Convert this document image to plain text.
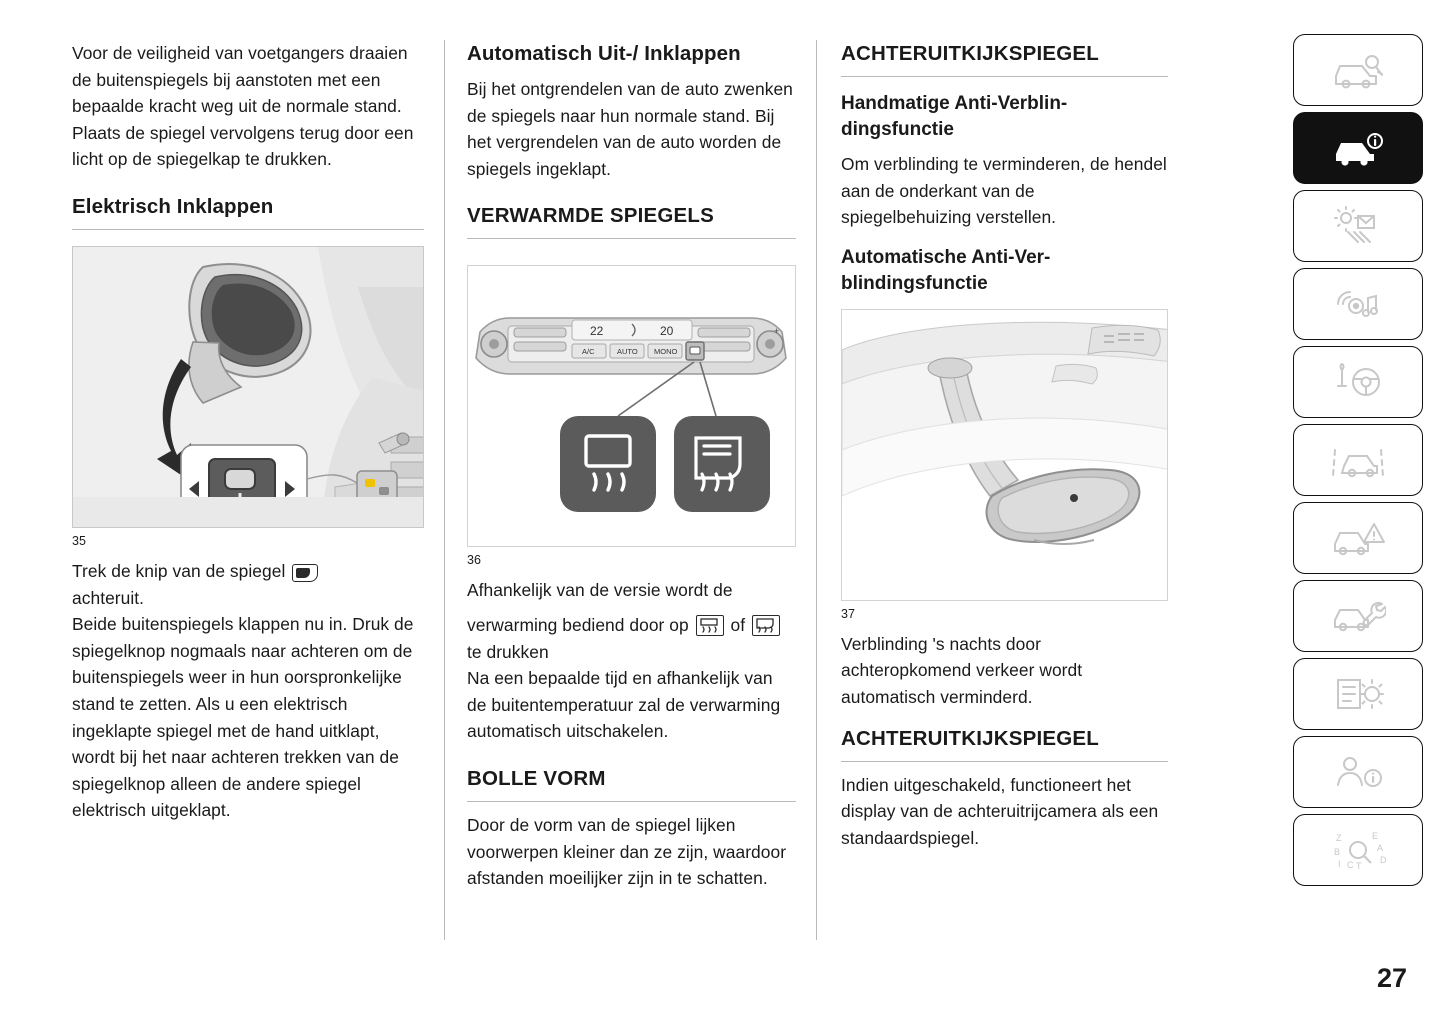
Voor de veiligheid van voetgangers draaien de buitenspiegels bij aanstoten met een bepaalde kracht weg uit de normale stand. Plaats de spiegel vervolgens terug door een licht op de spiegelkap te drukken.

Elektrisch Inklappen
35

Trek de knip van de spiegel
achteruit.

Beide buitenspiegels klappen nu in. Druk de spiegelknop nogmaals naar achteren om de buitenspiegels weer in hun oorspronkelijke stand te zetten. Als u een elektrisch ingeklapte spiegel met de hand uitklapt, wordt bij het naar achteren trekken van de spiegelknop alleen de andere spiegel elektrisch uitgeklapt.

Automatisch Uit-/ Inklappen

Bij het ontgrendelen van de auto zwenken de spiegels naar hun normale stand. Bij het vergrendelen van de auto worden de spiegels ingeklapt.

VERWARMDE SPIEGELS
22	20
A/C	AUTO MONO
+
36

Afhankelijk van de versie wordt de

verwarming bediend door op of

te drukken

Na een bepaalde tijd en afhankelijk van de buitentemperatuur zal de verwarming automatisch uitschakelen.

BOLLE VORM

Door de vorm van de spiegel lijken voorwerpen kleiner dan ze zijn, waardoor afstanden moeilijker zijn in te schatten.

ACHTERUITKIJKSPIEGEL
Handmatige Anti-Verblin-dingsfunctie

Om verblinding te verminderen, de hendel aan de onderkant van de spiegelbehuizing verstellen.

Automatische Anti-Ver-blindingsfunctie
37

Verblinding 's nachts door achteropkomend verkeer wordt automatisch verminderd.

ACHTERUITKIJKSPIEGEL

Indien uitgeschakeld, functioneert het display van de achteruitrijcamera als een standaardspiegel.	Z	E
B	A
I C T
D
27
